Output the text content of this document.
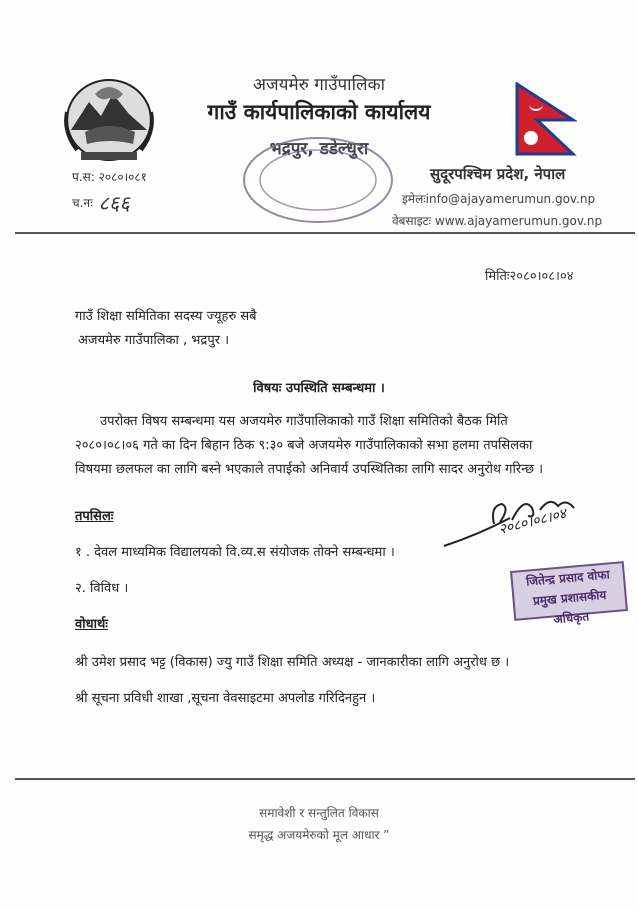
अजयमेरु गाउँपालिका
गाउँ कार्यपालिकाको कार्यालय
भद्रपुर, डडेल्धुरा
प.स: २०८०।०८१
च.नः ८६६
सुदूरपश्चिम प्रदेश, नेपाल
इमेलःinfo@ajayamerumun.gov.np
वेबसाइटः www.ajayamerumun.gov.np
मितिः२०८०।०८।०४
गाउँ शिक्षा समितिका सदस्य ज्यूहरु सबै
अजयमेरु गाउँपालिका , भद्रपुर ।
विषयः उपस्थिति सम्बन्धमा ।

उपरोक्त विषय सम्बन्धमा यस अजयमेरु गाउँपालिकाको गाउँ शिक्षा समितिको बैठक मिति

२०८०।०८।०६ गते का दिन बिहान ठिक ९:३० बजे अजयमेरु गाउँपालिकाको सभा हलमा तपसिलका
विषयमा छलफल का लागि बस्ने भएकाले तपाईको अनिवार्य उपस्थितिका लागि सादर अनुरोध गरिन्छ ।
तपसिलः
१ . देवल माध्यमिक विद्यालयको वि.व्य.स संयोजक तोक्ने सम्बन्धमा ।
२. विविध ।
२०८०।०८।०४
जितेन्द्र प्रसाद वोफा
प्रमुख प्रशासकीय अधिकृत
वोधार्थः
श्री उमेश प्रसाद भट्ट (विकास) ज्यु गाउँ शिक्षा समिति अध्यक्ष - जानकारीका लागि अनुरोध छ ।
श्री सूचना प्रविधी शाखा ,सूचना वेवसाइटमा अपलोड गरिदिनहुन ।
समावेशी र सन्तुलित विकास
समृद्ध अजयमेरुको मूल आधार ”
